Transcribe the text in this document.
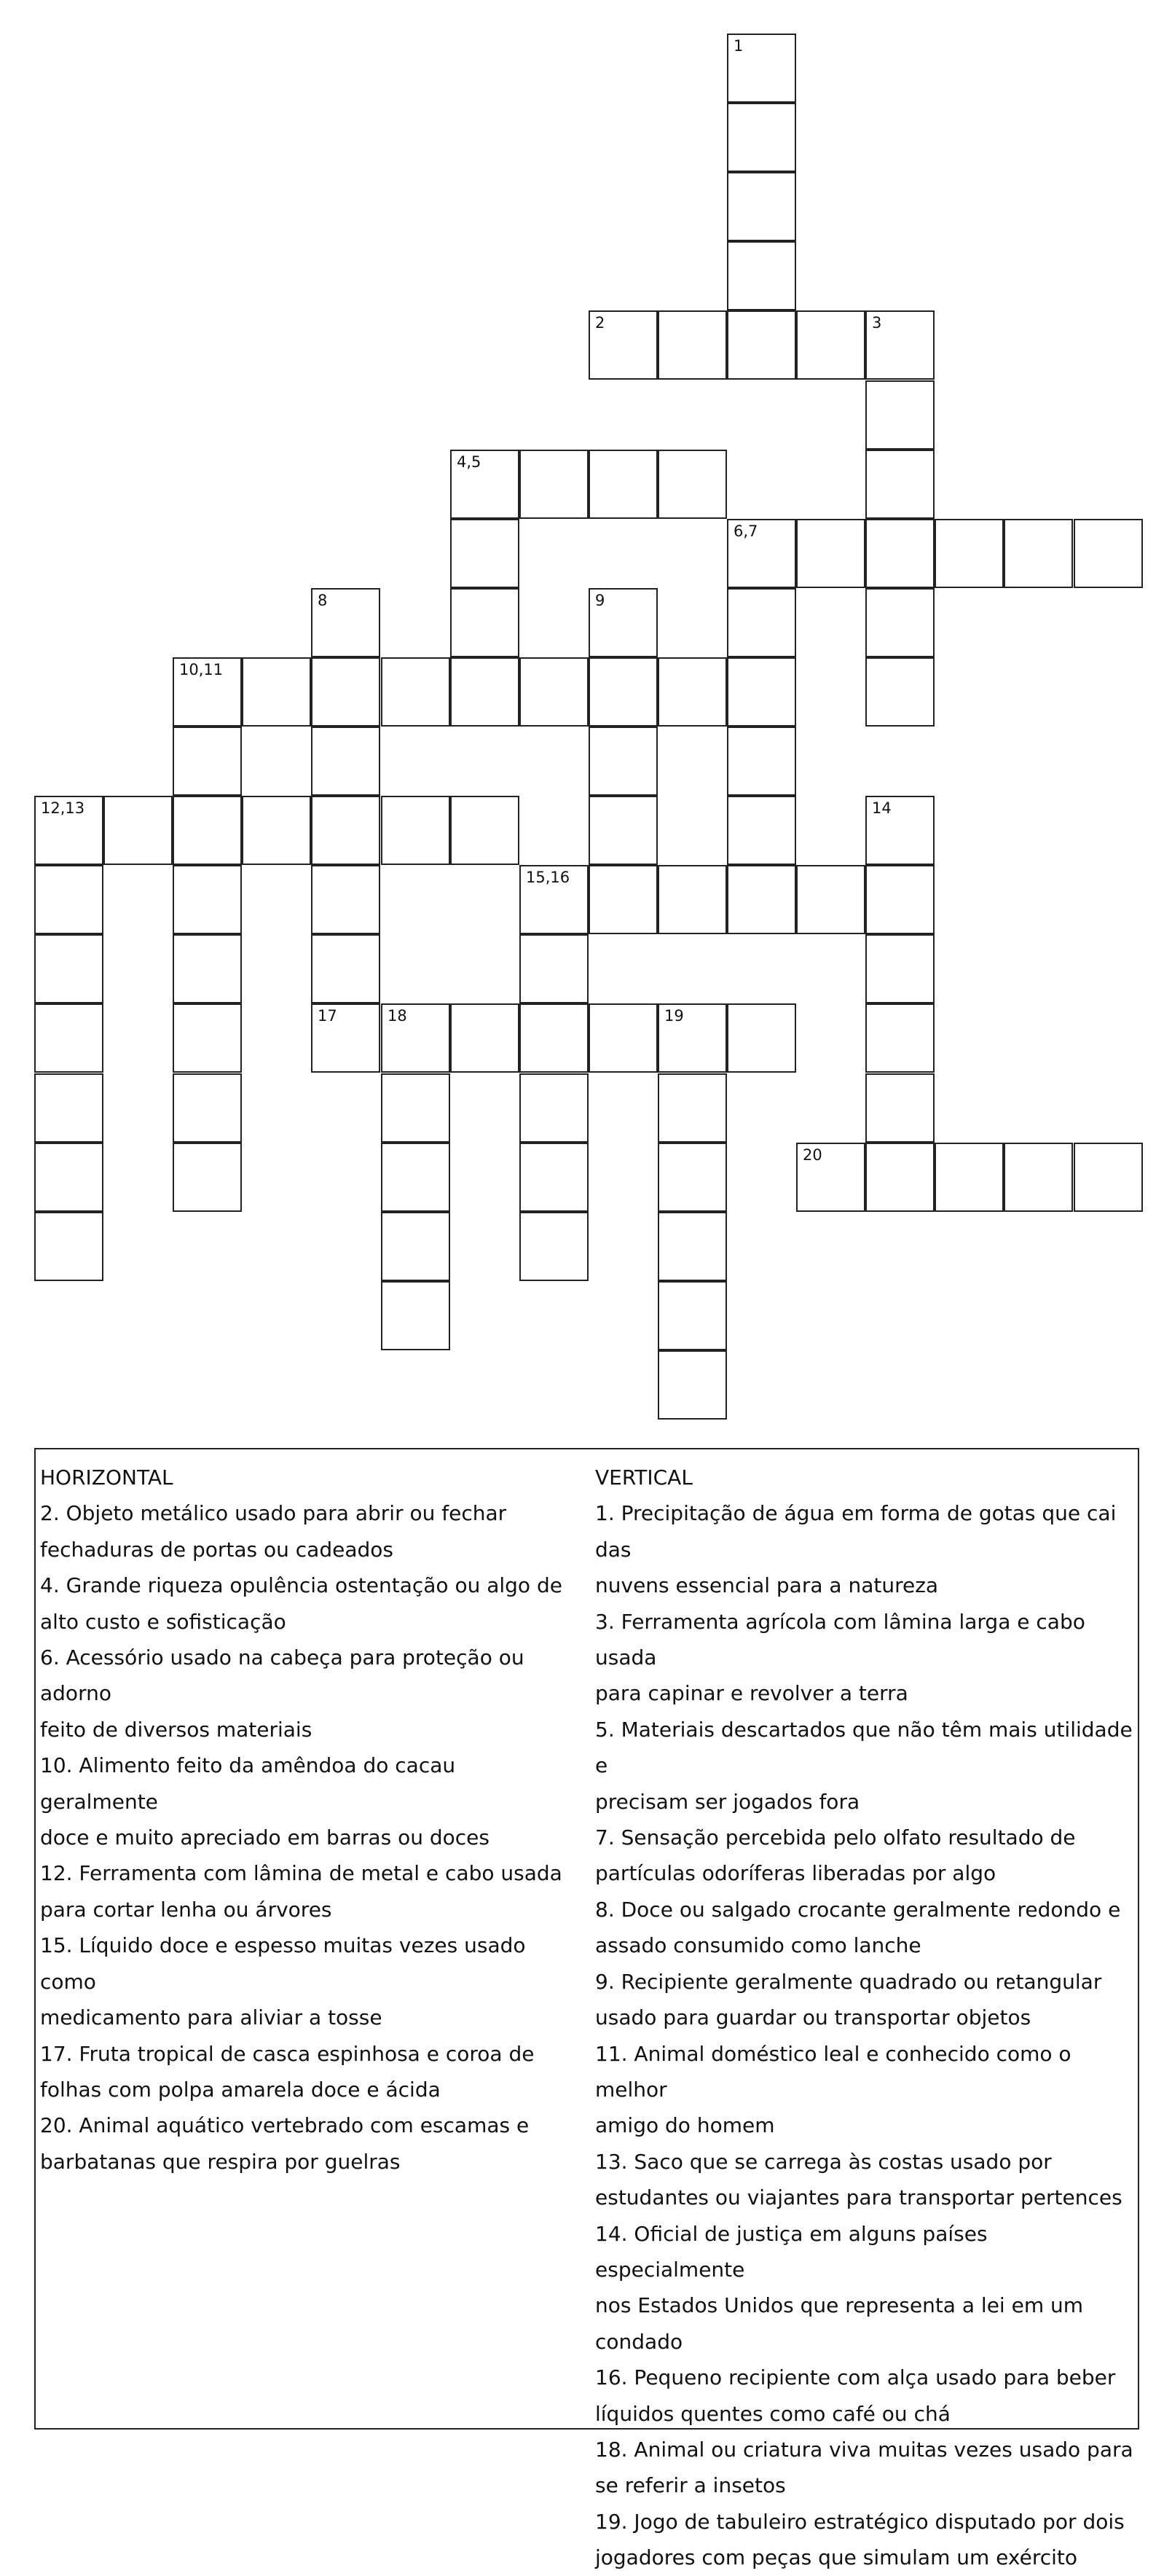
1
2	3
4,5
6,7
8	9
10,11
12,13	14
15,16
17	18	19
20
HORIZONTAL
2. Objeto metálico usado para abrir ou fechar
fechaduras de portas ou cadeados
4. Grande riqueza opulência ostentação ou algo de
alto custo e sofisticação
6. Acessório usado na cabeça para proteção ou adorno
feito de diversos materiais
10. Alimento feito da amêndoa do cacau geralmente
doce e muito apreciado em barras ou doces
12. Ferramenta com lâmina de metal e cabo usada
para cortar lenha ou árvores
15. Líquido doce e espesso muitas vezes usado como
medicamento para aliviar a tosse
17. Fruta tropical de casca espinhosa e coroa de
folhas com polpa amarela doce e ácida
20. Animal aquático vertebrado com escamas e
barbatanas que respira por guelras
VERTICAL
1. Precipitação de água em forma de gotas que cai das
nuvens essencial para a natureza
3. Ferramenta agrícola com lâmina larga e cabo usada
para capinar e revolver a terra
5. Materiais descartados que não têm mais utilidade e
precisam ser jogados fora
7. Sensação percebida pelo olfato resultado de
partículas odoríferas liberadas por algo
8. Doce ou salgado crocante geralmente redondo e
assado consumido como lanche
9. Recipiente geralmente quadrado ou retangular
usado para guardar ou transportar objetos
11. Animal doméstico leal e conhecido como o melhor
amigo do homem
13. Saco que se carrega às costas usado por
estudantes ou viajantes para transportar pertences
14. Oficial de justiça em alguns países especialmente
nos Estados Unidos que representa a lei em um
condado
16. Pequeno recipiente com alça usado para beber
líquidos quentes como café ou chá
18. Animal ou criatura viva muitas vezes usado para
se referir a insetos
19. Jogo de tabuleiro estratégico disputado por dois
jogadores com peças que simulam um exército
